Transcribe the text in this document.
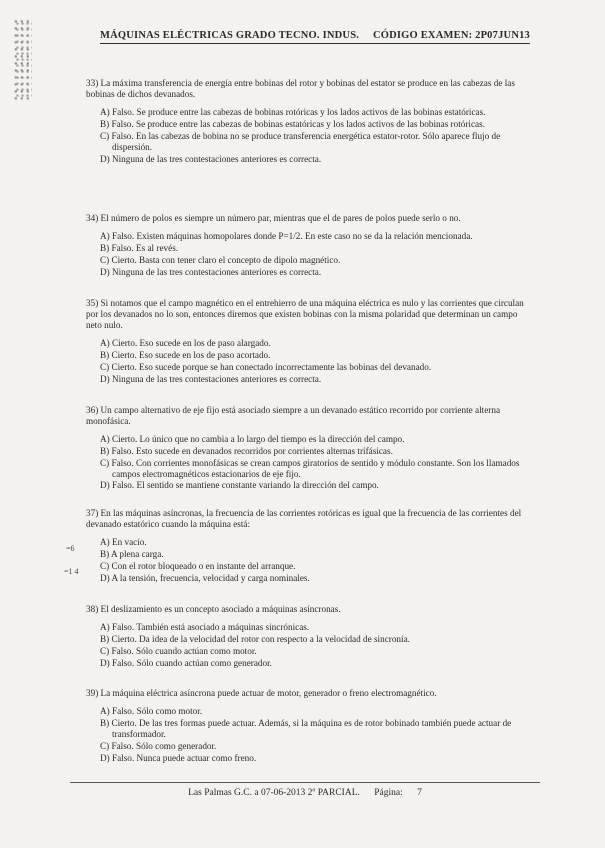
MÁQUINAS ELÉCTRICAS GRADO TECNO. INDUS. CÓDIGO EXAMEN: 2P07JUN13
33) La máxima transferencia de energía entre bobinas del rotor y bobinas del estator se produce en las cabezas de las bobinas de dichos devanados.
A) Falso. Se produce entre las cabezas de bobinas rotóricas y los lados activos de las bobinas estatóricas.
B) Falso. Se produce entre las cabezas de bobinas estatóricas y los lados activos de las bobinas rotóricas.
C) Falso. En las cabezas de bobina no se produce transferencia energética estator-rotor. Sólo aparece flujo de dispersión.
D) Ninguna de las tres contestaciones anteriores es correcta.
34) El número de polos es siempre un número par, mientras que el de pares de polos puede serlo o no.
A) Falso. Existen máquinas homopolares donde P=1/2. En este caso no se da la relación mencionada.
B) Falso. Es al revés.
C) Cierto. Basta con tener claro el concepto de dipolo magnético.
D) Ninguna de las tres contestaciones anteriores es correcta.
35) Si notamos que el campo magnético en el entrehierro de una máquina eléctrica es nulo y las corrientes que circulan por los devanados no lo son, entonces diremos que existen bobinas con la misma polaridad que determinan un campo neto nulo.
A) Cierto. Eso sucede en los de paso alargado.
B) Cierto. Eso sucede en los de paso acortado.
C) Cierto. Eso sucede porque se han conectado incorrectamente las bobinas del devanado.
D) Ninguna de las tres contestaciones anteriores es correcta.
36) Un campo alternativo de eje fijo está asociado siempre a un devanado estático recorrido por corriente alterna monofásica.
A) Cierto. Lo único que no cambia a lo largo del tiempo es la dirección del campo.
B) Falso. Esto sucede en devanados recorridos por corrientes alternas trifásicas.
C) Falso. Con corrientes monofásicas se crean campos giratorios de sentido y módulo constante. Son los llamados campos electromagnéticos estacionarios de eje fijo.
D) Falso. El sentido se mantiene constante variando la dirección del campo.
37) En las máquinas asíncronas, la frecuencia de las corrientes rotóricas es igual que la frecuencia de las corrientes del devanado estatórico cuando la máquina está:
A) En vacío.
B) A plena carga.
C) Con el rotor bloqueado o en instante del arranque.
D) A la tensión, frecuencia, velocidad y carga nominales.
=6
=1 4
38) El deslizamiento es un concepto asociado a máquinas asíncronas.
A) Falso. También está asociado a máquinas sincrónicas.
B) Cierto. Da idea de la velocidad del rotor con respecto a la velocidad de sincronía.
C) Falso. Sólo cuando actúan como motor.
D) Falso. Sólo cuando actúan como generador.
39) La máquina eléctrica asíncrona puede actuar de motor, generador o freno electromagnético.
A) Falso. Sólo como motor.
B) Cierto. De las tres formas puede actuar. Además, si la máquina es de rotor bobinado también puede actuar de transformador.
C) Falso. Sólo como generador.
D) Falso. Nunca puede actuar como freno.
Las Palmas G.C. a 07-06-2013 2º PARCIAL. Página: 7
